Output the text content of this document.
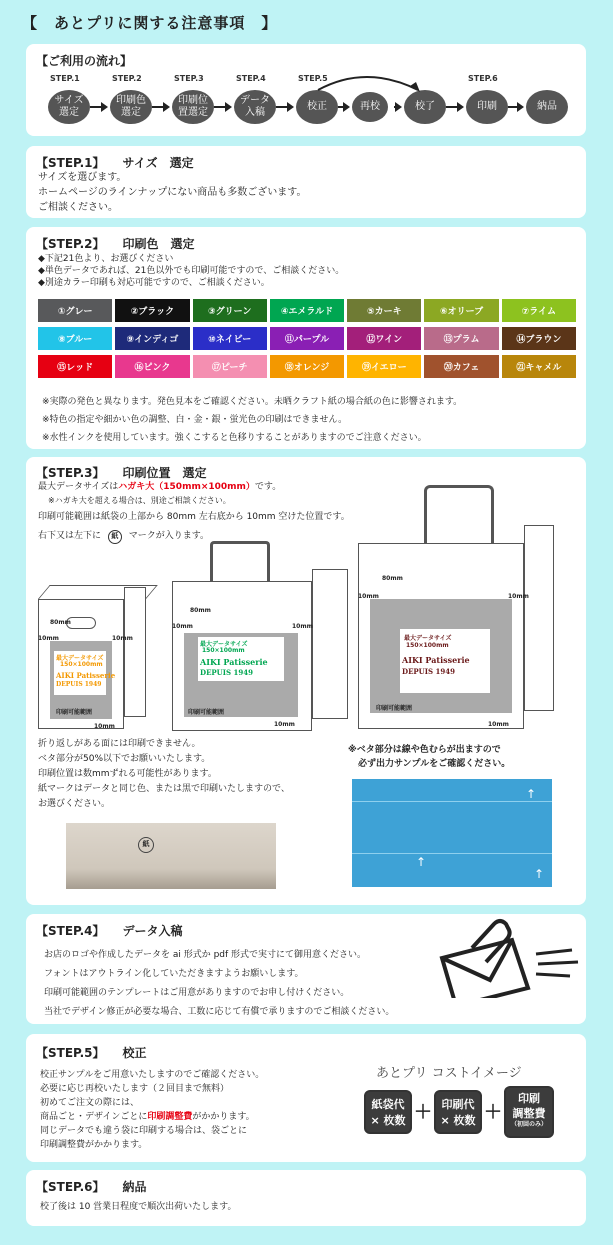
【　あとプリに関する注意事項　】
【ご利用の流れ】
STEP.1
サイズ
選定
STEP.2
印刷色
選定
STEP.3
印刷位
置選定
STEP.4
データ
入稿
STEP.5
校正	再校	校了
STEP.6
印刷	納品
【STEP.1】 サイズ　選定
サイズを選びます。
ホームページのラインナップにない商品も多数ございます。
ご相談ください。
【STEP.2】 印刷色　選定
◆下記21色より、お選びください
◆単色データであれば、21色以外でも印刷可能ですので、ご相談ください。
◆別途カラー印刷も対応可能ですので、ご相談ください。
①グレー	②ブラック	③グリーン	④エメラルド	⑤カーキ	⑥オリーブ	⑦ライム
⑧ブルー	⑨インディゴ	⑩ネイビー	⑪パープル	⑫ワイン	⑬プラム	⑭ブラウン
⑮レッド	⑯ピンク	⑰ピーチ	⑱オレンジ	⑲イエロー	⑳カフェ	㉑キャメル
※実際の発色と異なります。発色見本をご確認ください。未晒クラフト紙の場合紙の色に影響されます。
※特色の指定や細かい色の調整、白・金・銀・蛍光色の印刷はできません。
※水性インクを使用しています。強くこすると色移りすることがありますのでご注意ください。
【STEP.3】 印刷位置　選定
最大データサイズはハガキ大（150mm×100mm）です。
※ハガキ大を超える場合は、別途ご相談ください。
印刷可能範囲は紙袋の上部から 80mm 左右底から 10mm 空けた位置です。
右下又は左下に 紙 マークが入ります。
最大データサイズ
150×100mm
AIKI Patisserie
DEPUIS 1949
印刷可能範囲
80mm
10mm	10mm
10mm
最大データサイズ
150×100mm
AIKI Patisserie
DEPUIS 1949
印刷可能範囲
80mm
10mm	10mm
10mm
最大データサイズ
150×100mm
AIKI Patisserie
DEPUIS 1949
印刷可能範囲
80mm
10mm	10mm
10mm
折り返しがある面には印刷できません。
ベタ部分が50%以下でお願いいたします。
印刷位置は数mmずれる可能性があります。
紙マークはデータと同じ色、または黒で印刷いたしますので、
お選びください。
※ベタ部分は線や色むらが出ますので
必ず出力サンプルをご確認ください。
紙
↑
↑
↑
【STEP.4】 データ入稿
お店のロゴや作成したデータを ai 形式か pdf 形式で実寸にて御用意ください。
フォントはアウトライン化していただきますようお願いします。
印刷可能範囲のテンプレートはご用意がありますのでお申し付けください。
当社でデザイン修正が必要な場合、工数に応じて有償で承りますのでご相談ください。
【STEP.5】 校正
校正サンプルをご用意いたしますのでご確認ください。
必要に応じ再校いたします（２回目まで無料）
初めてご注文の際には、
商品ごと・デザインごとに印刷調整費がかかります。
同じデータでも違う袋に印刷する場合は、袋ごとに
印刷調整費がかかります。
あとプリ コストイメージ
紙袋代
× 枚数 ＋ 印刷代
× 枚数 ＋
印刷
調整費
（初回のみ）
【STEP.6】 納品
校了後は 10 営業日程度で順次出荷いたします。
